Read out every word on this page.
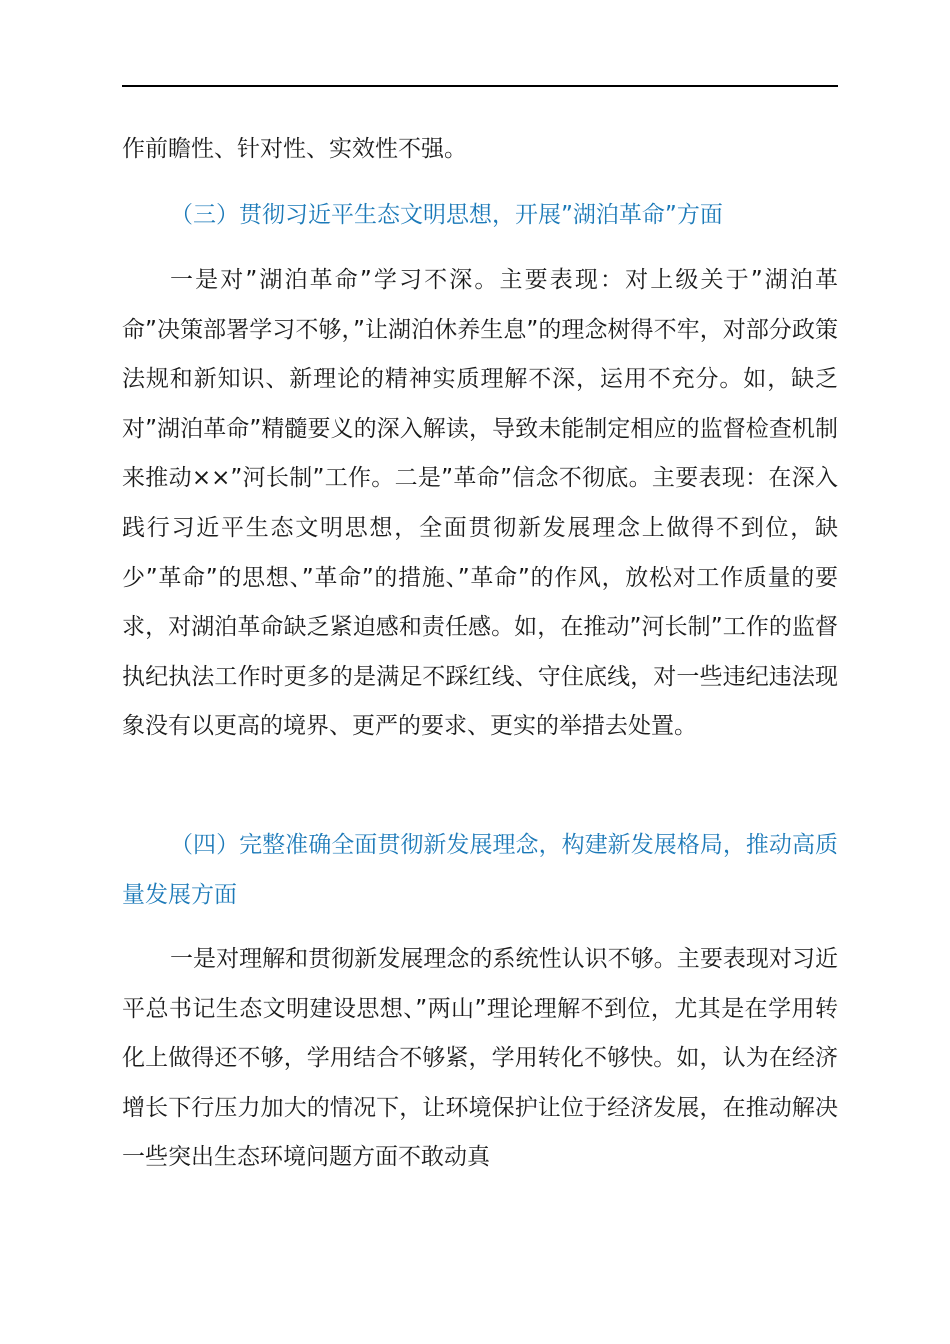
作前瞻性、针对性、实效性不强。

（三）贯彻习近平生态文明思想，开展”湖泊革命”方面

一是对”湖泊革命”学习不深。主要表现：对上级关于”湖泊革命”决策部署学习不够，”让湖泊休养生息”的理念树得不牢，对部分政策法规和新知识、新理论的精神实质理解不深，运用不充分。如，缺乏对”湖泊革命”精髓要义的深入解读，导致未能制定相应的监督检查机制来推动××”河长制”工作。二是”革命”信念不彻底。主要表现：在深入践行习近平生态文明思想，全面贯彻新发展理念上做得不到位，缺少”革命”的思想、”革命”的措施、”革命”的作风，放松对工作质量的要求，对湖泊革命缺乏紧迫感和责任感。如，在推动”河长制”工作的监督执纪执法工作时更多的是满足不踩红线、守住底线，对一些违纪违法现象没有以更高的境界、更严的要求、更实的举措去处置。

（四）完整准确全面贯彻新发展理念，构建新发展格局，推动高质量发展方面

一是对理解和贯彻新发展理念的系统性认识不够。主要表现对习近平总书记生态文明建设思想、”两山”理论理解不到位，尤其是在学用转化上做得还不够，学用结合不够紧，学用转化不够快。如，认为在经济增长下行压力加大的情况下，让环境保护让位于经济发展，在推动解决一些突出生态环境问题方面不敢动真
